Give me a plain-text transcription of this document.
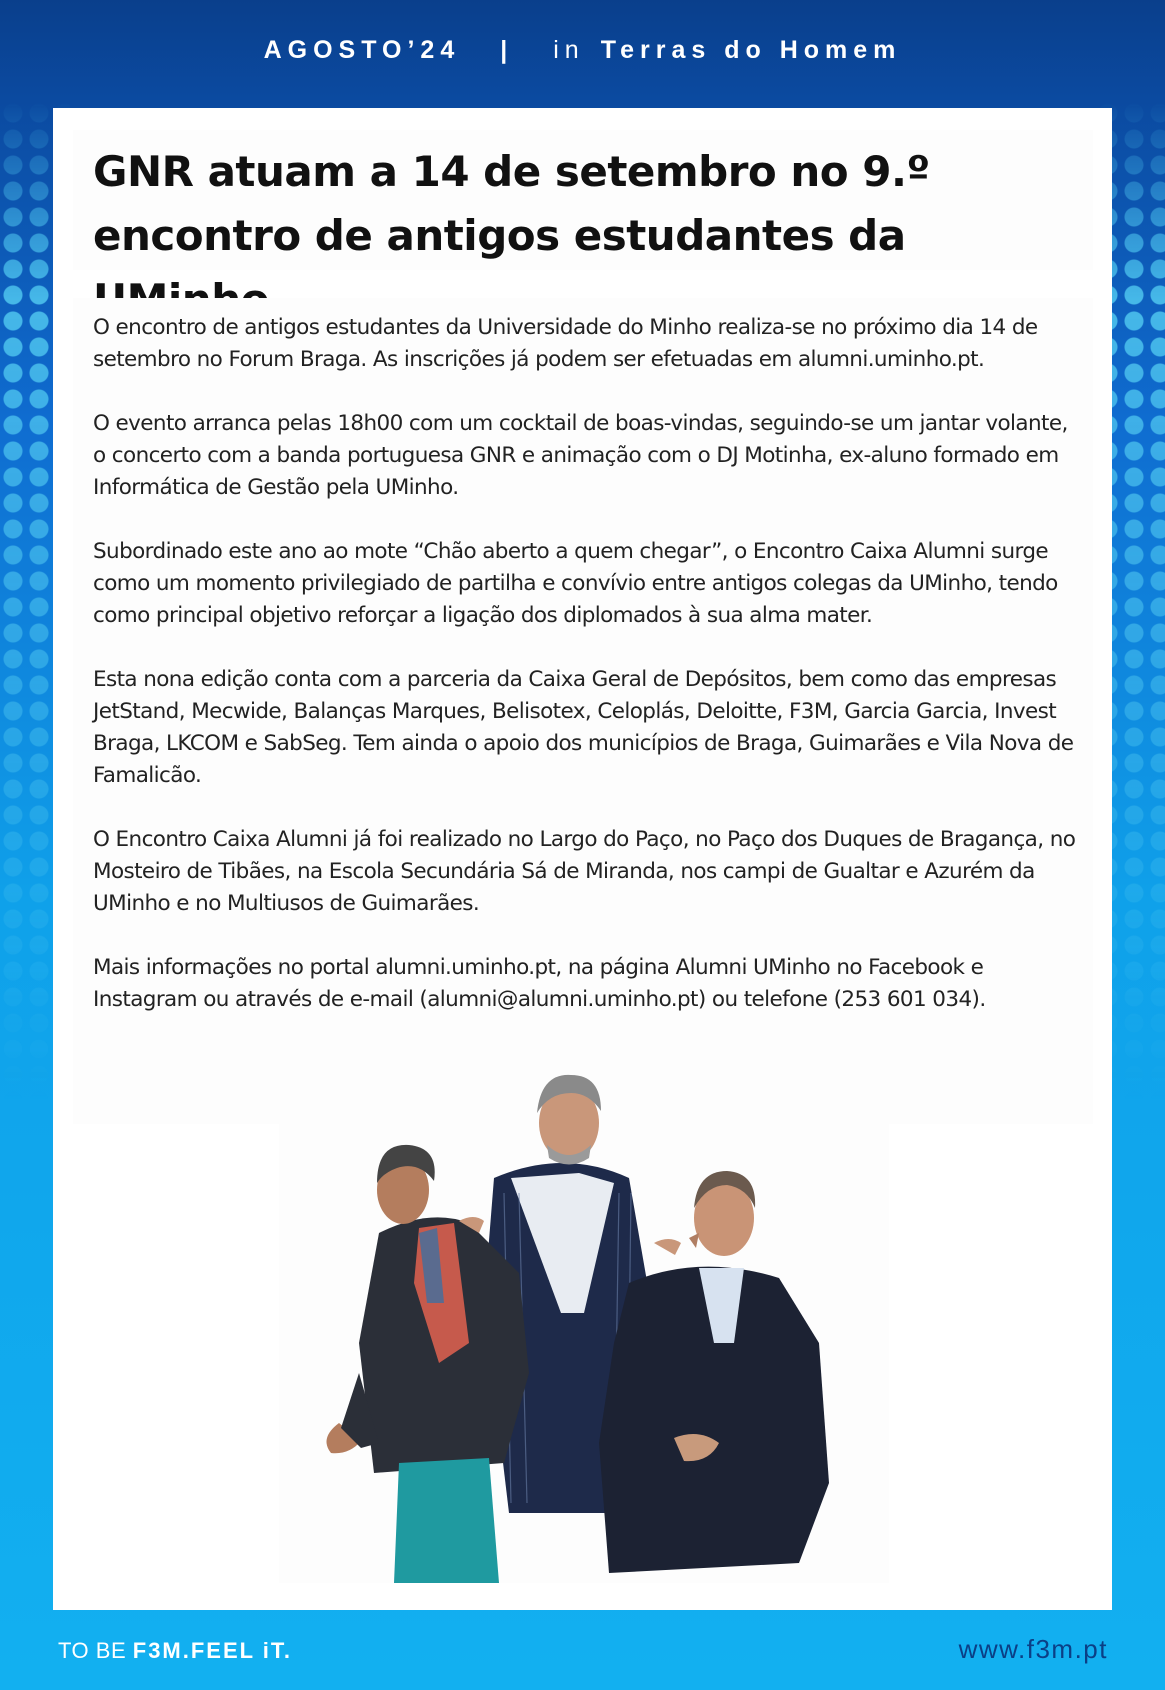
AGOSTO’24 | in Terras do Homem
GNR atuam a 14 de setembro no 9.º
encontro de antigos estudantes da

O encontro de antigos estudantes da Universidade do Minho realiza-se no próximo dia 14 de setembro no Forum Braga. As inscrições já podem ser efetuadas em alumni.uminho.pt.

O evento arranca pelas 18h00 com um cocktail de boas-vindas, seguindo-se um jantar volante, o concerto com a banda portuguesa GNR e animação com o DJ Motinha, ex-aluno formado em Informática de Gestão pela UMinho.

Subordinado este ano ao mote “Chão aberto a quem chegar”, o Encontro Caixa Alumni surge como um momento privilegiado de partilha e convívio entre antigos colegas da UMinho, tendo como principal objetivo reforçar a ligação dos diplomados à sua alma mater.

Esta nona edição conta com a parceria da Caixa Geral de Depósitos, bem como das empresas JetStand, Mecwide, Balanças Marques, Belisotex, Celoplás, Deloitte, F3M, Garcia Garcia, Invest Braga, LKCOM e SabSeg. Tem ainda o apoio dos municípios de Braga, Guimarães e Vila Nova de Famalicão.

O Encontro Caixa Alumni já foi realizado no Largo do Paço, no Paço dos Duques de Bragança, no Mosteiro de Tibães, na Escola Secundária Sá de Miranda, nos campi de Gualtar e Azurém da UMinho e no Multiusos de Guimarães.

Mais informações no portal alumni.uminho.pt, na página Alumni UMinho no Facebook e Instagram ou através de e-mail (alumni@alumni.uminho.pt) ou telefone (253 601 034).

TO BE F3M.FEEL iT.	www.f3m.pt
